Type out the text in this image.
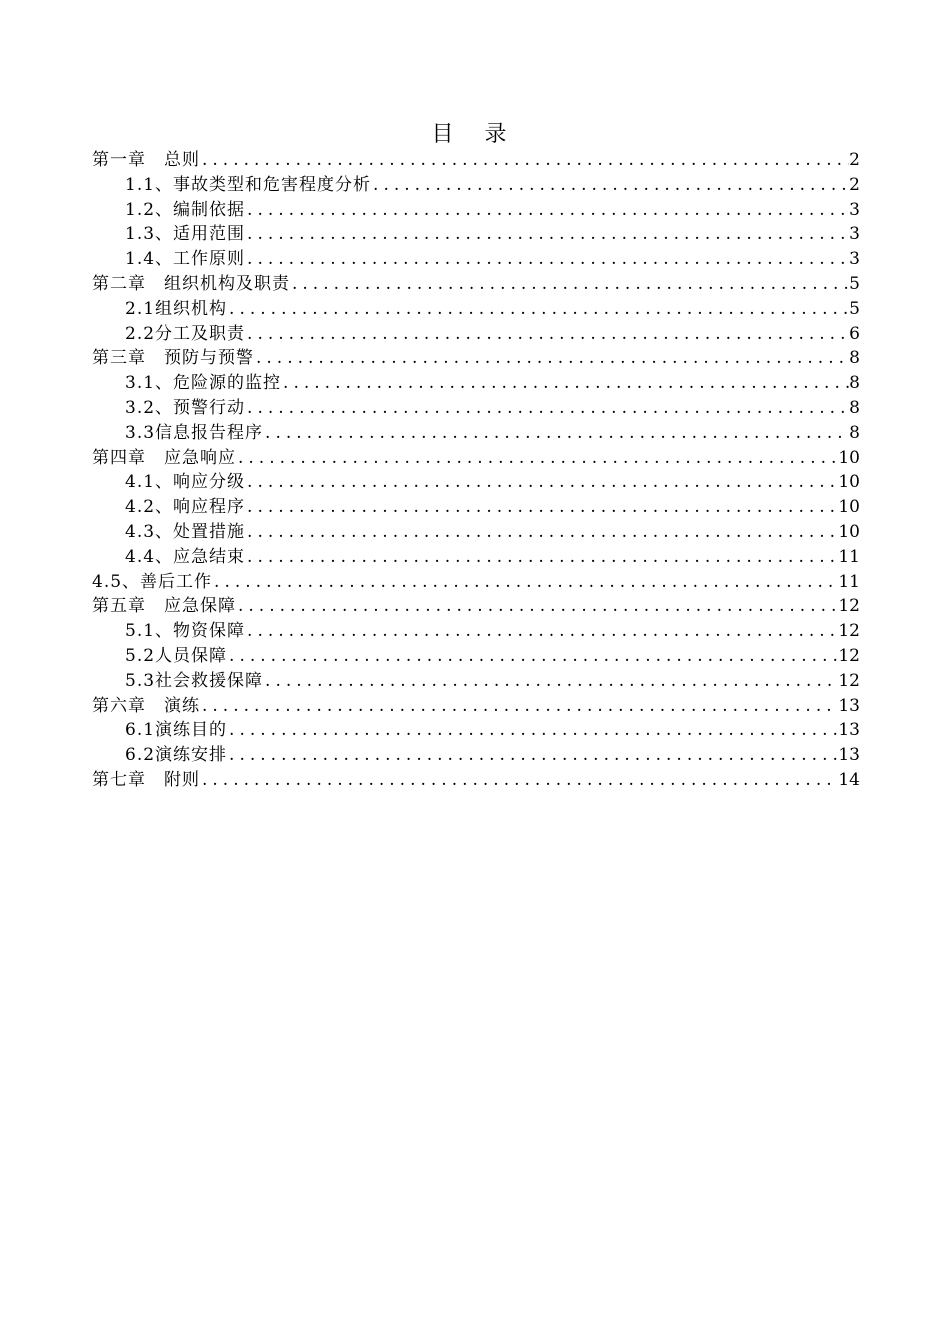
目 录
第一章　总则 .....	2
1.1、事故类型和危害程度分析 .....	2
1.2、编制依据 .....	3
1.3、适用范围 .....	3
1.4、工作原则 .....	3
第二章　组织机构及职责 .....	5
2.1组织机构 .....	5
2.2分工及职责 .....	6
第三章　预防与预警 .....	8
3.1、危险源的监控 .....	8
3.2、预警行动 .....	8
3.3信息报告程序 .....	8
第四章　应急响应 .....	10
4.1、响应分级 .....	10
4.2、响应程序 .....	10
4.3、处置措施 .....	10
4.4、应急结束 .....	11
4.5、善后工作 .....	11
第五章　应急保障 .....	12
5.1、物资保障 .....	12
5.2人员保障 .....	12
5.3社会救援保障 .....	12
第六章　演练 .....	13
6.1演练目的 .....	13
6.2演练安排 .....	13
第七章　附则 .....	14
